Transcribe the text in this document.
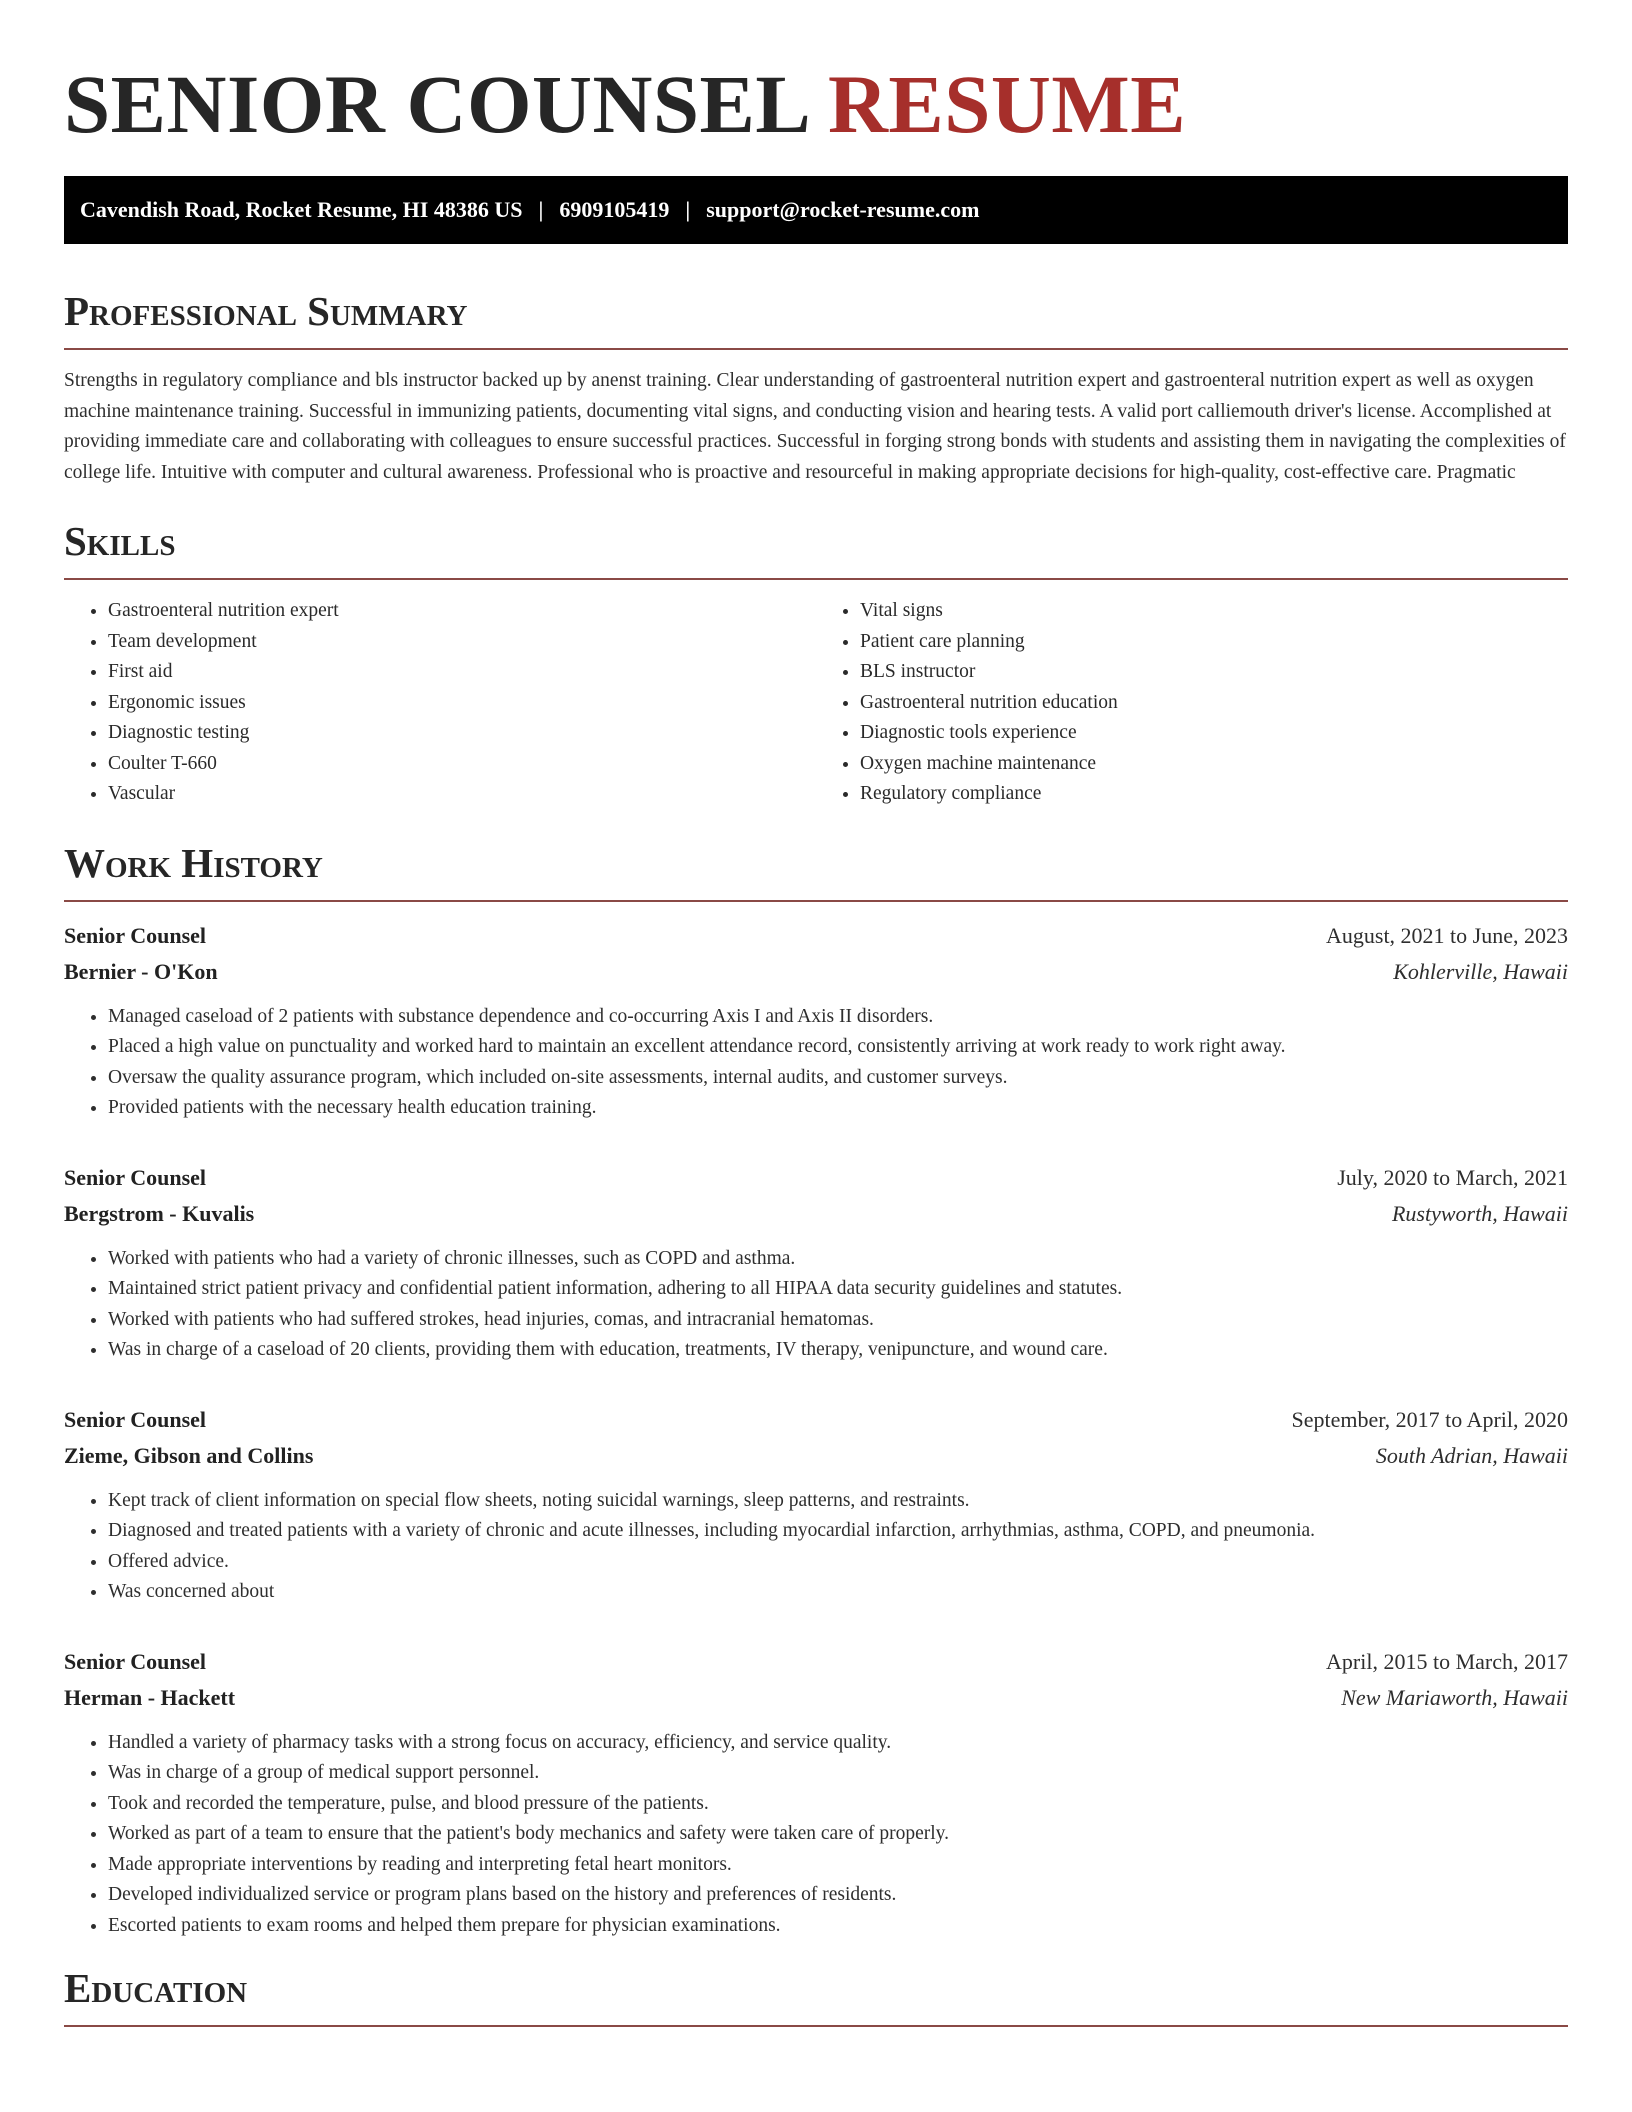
SENIOR COUNSEL RESUME
Cavendish Road, Rocket Resume, HI 48386 US | 6909105419 | support@rocket-resume.com
Professional Summary

Strengths in regulatory compliance and bls instructor backed up by anenst training. Clear understanding of gastroenteral nutrition expert and gastroenteral nutrition expert as well as oxygen machine maintenance training. Successful in immunizing patients, documenting vital signs, and conducting vision and hearing tests. A valid port calliemouth driver's license. Accomplished at providing immediate care and collaborating with colleagues to ensure successful practices. Successful in forging strong bonds with students and assisting them in navigating the complexities of college life. Intuitive with computer and cultural awareness. Professional who is proactive and resourceful in making appropriate decisions for high-quality, cost-effective care. Pragmatic

Skills
• Gastroenteral nutrition expert
• Team development
• First aid
• Ergonomic issues
• Diagnostic testing
• Coulter T-660
• Vascular
• Vital signs
• Patient care planning
• BLS instructor
• Gastroenteral nutrition education
• Diagnostic tools experience
• Oxygen machine maintenance
• Regulatory compliance
Work History
Senior Counsel	August, 2021 to June, 2023
Bernier - O'Kon	Kohlerville, Hawaii
• Managed caseload of 2 patients with substance dependence and co-occurring Axis I and Axis II disorders.
• Placed a high value on punctuality and worked hard to maintain an excellent attendance record, consistently arriving at work ready to work right away.
• Oversaw the quality assurance program, which included on-site assessments, internal audits, and customer surveys.
• Provided patients with the necessary health education training.
Senior Counsel	July, 2020 to March, 2021
Bergstrom - Kuvalis	Rustyworth, Hawaii
• Worked with patients who had a variety of chronic illnesses, such as COPD and asthma.
• Maintained strict patient privacy and confidential patient information, adhering to all HIPAA data security guidelines and statutes.
• Worked with patients who had suffered strokes, head injuries, comas, and intracranial hematomas.
• Was in charge of a caseload of 20 clients, providing them with education, treatments, IV therapy, venipuncture, and wound care.
Senior Counsel	September, 2017 to April, 2020
Zieme, Gibson and Collins	South Adrian, Hawaii
• Kept track of client information on special flow sheets, noting suicidal warnings, sleep patterns, and restraints.
• Diagnosed and treated patients with a variety of chronic and acute illnesses, including myocardial infarction, arrhythmias, asthma, COPD, and pneumonia.
• Offered advice.
• Was concerned about
Senior Counsel	April, 2015 to March, 2017
Herman - Hackett	New Mariaworth, Hawaii
• Handled a variety of pharmacy tasks with a strong focus on accuracy, efficiency, and service quality.
• Was in charge of a group of medical support personnel.
• Took and recorded the temperature, pulse, and blood pressure of the patients.
• Worked as part of a team to ensure that the patient's body mechanics and safety were taken care of properly.
• Made appropriate interventions by reading and interpreting fetal heart monitors.
• Developed individualized service or program plans based on the history and preferences of residents.
• Escorted patients to exam rooms and helped them prepare for physician examinations.
Education
